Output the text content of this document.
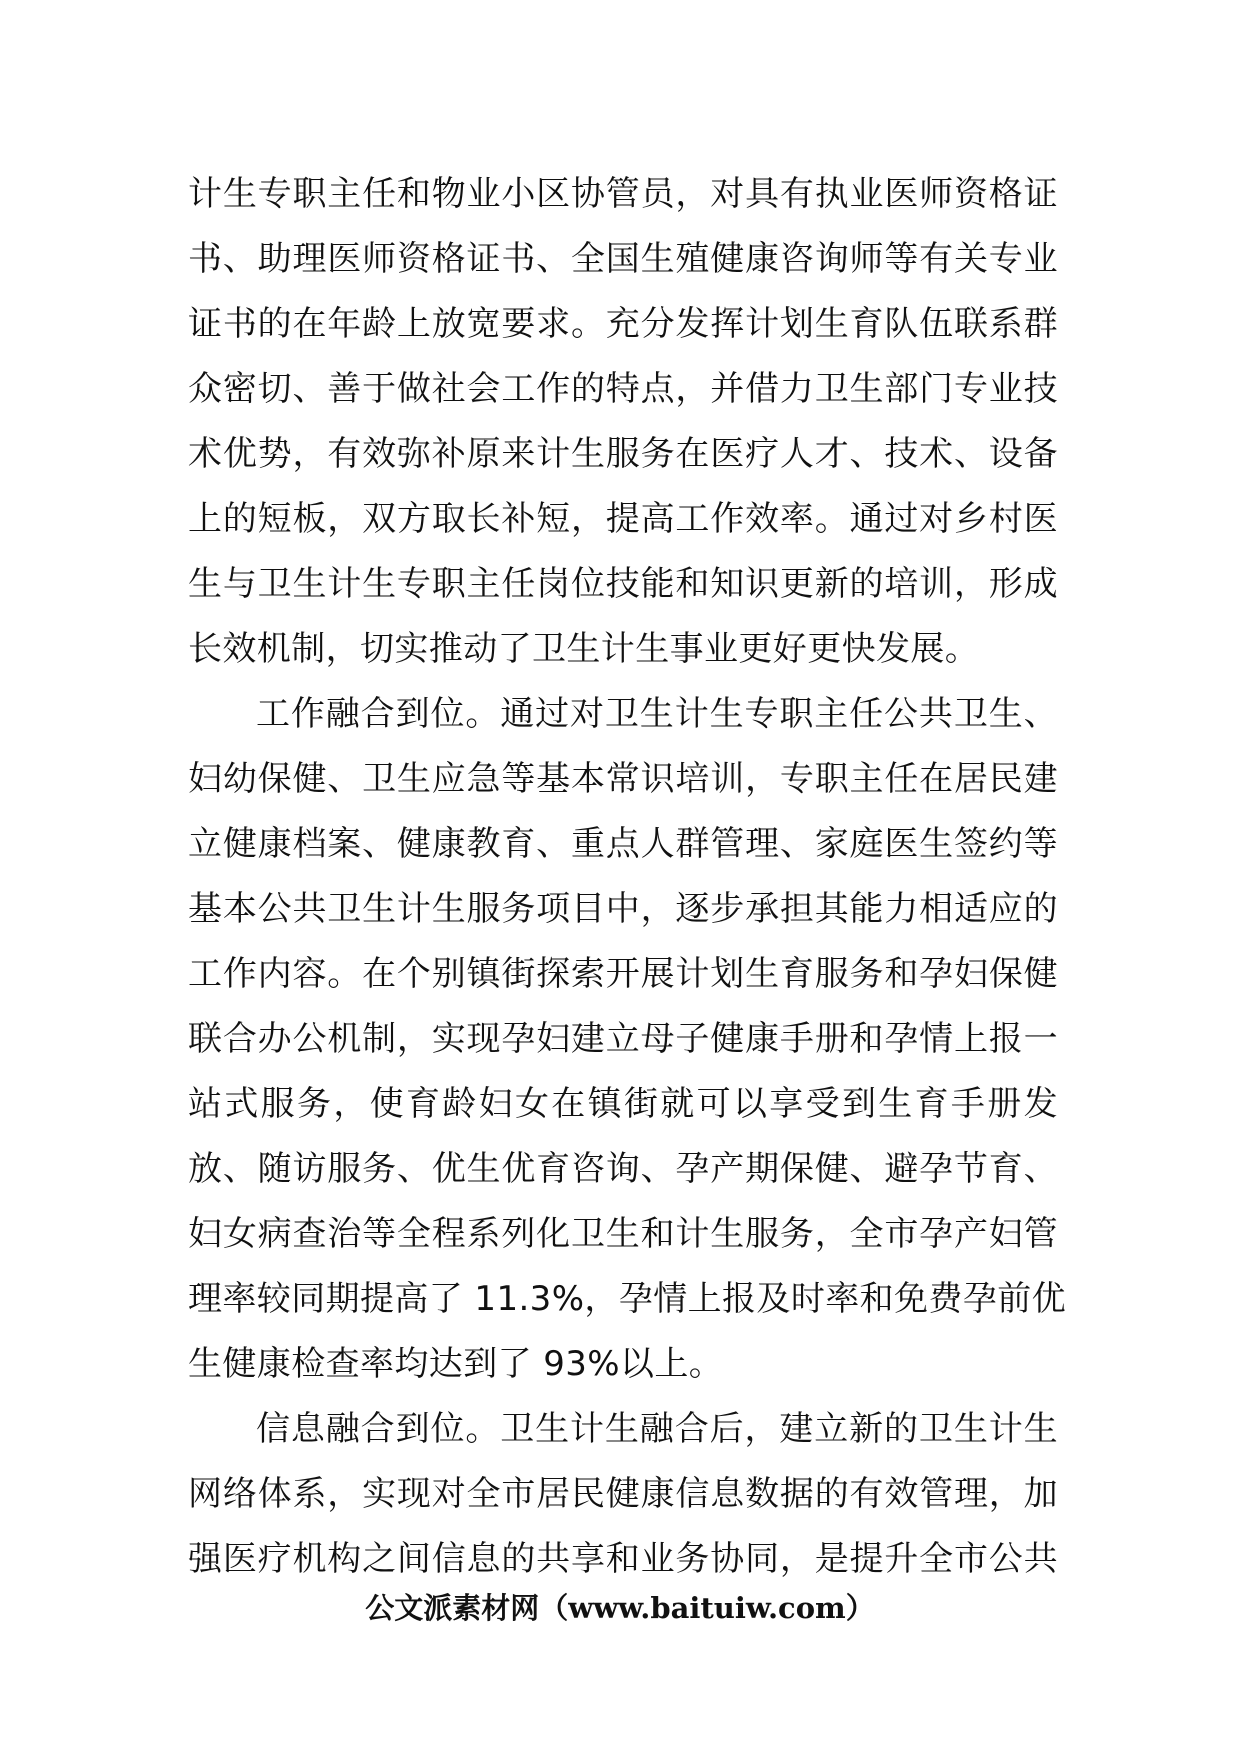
计生专职主任和物业小区协管员，对具有执业医师资格证
书、助理医师资格证书、全国生殖健康咨询师等有关专业
证书的在年龄上放宽要求。充分发挥计划生育队伍联系群
众密切、善于做社会工作的特点，并借力卫生部门专业技
术优势，有效弥补原来计生服务在医疗人才、技术、设备
上的短板，双方取长补短，提高工作效率。通过对乡村医
生与卫生计生专职主任岗位技能和知识更新的培训，形成
长效机制，切实推动了卫生计生事业更好更快发展。
工作融合到位。通过对卫生计生专职主任公共卫生、
妇幼保健、卫生应急等基本常识培训，专职主任在居民建
立健康档案、健康教育、重点人群管理、家庭医生签约等
基本公共卫生计生服务项目中，逐步承担其能力相适应的
工作内容。在个别镇街探索开展计划生育服务和孕妇保健
联合办公机制，实现孕妇建立母子健康手册和孕情上报一
站式服务，使育龄妇女在镇街就可以享受到生育手册发
放、随访服务、优生优育咨询、孕产期保健、避孕节育、
妇女病查治等全程系列化卫生和计生服务，全市孕产妇管
理率较同期提高了 11.3%，孕情上报及时率和免费孕前优
生健康检查率均达到了 93%以上。
信息融合到位。卫生计生融合后，建立新的卫生计生
网络体系，实现对全市居民健康信息数据的有效管理，加
强医疗机构之间信息的共享和业务协同，是提升全市公共
公文派素材网（www.baituiw.com）
